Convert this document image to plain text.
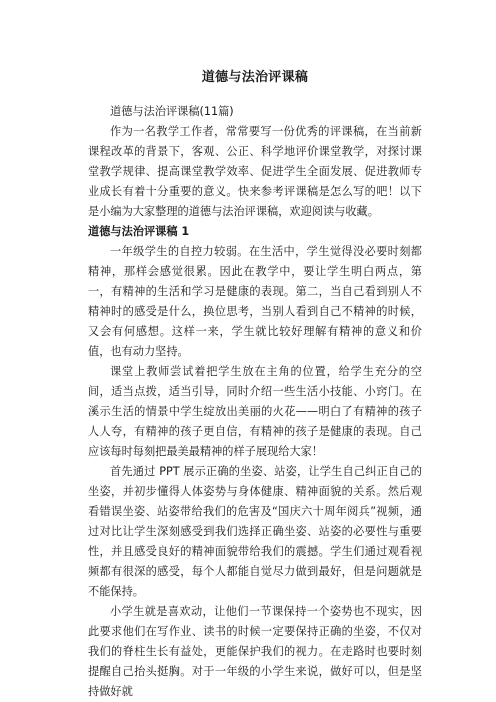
道德与法治评课稿

道德与法治评课稿(11篇)

作为一名教学工作者，常常要写一份优秀的评课稿，在当前新课程改革的背景下，客观、公正、科学地评价课堂教学，对探讨课堂教学规律、提高课堂教学效率、促进学生全面发展、促进教师专业成长有着十分重要的意义。快来参考评课稿是怎么写的吧！以下是小编为大家整理的道德与法治评课稿，欢迎阅读与收藏。

道德与法治评课稿 1

一年级学生的自控力较弱。在生活中，学生觉得没必要时刻都精神，那样会感觉很累。因此在教学中，要让学生明白两点，第一，有精神的生活和学习是健康的表现。第二，当自己看到别人不精神时的感受是什么，换位思考，当别人看到自己不精神的时候，又会有何感想。这样一来，学生就比较好理解有精神的意义和价值，也有动力坚持。

课堂上教师尝试着把学生放在主角的位置，给学生充分的空间，适当点拨，适当引导，同时介绍一些生活小技能、小窍门。在溪示生活的情景中学生绽放出美丽的火花——明白了有精神的孩子人人夸，有精神的孩子更自信，有精神的孩子是健康的表现。自己应该每时每刻把最美最精神的样子展现给大家！

首先通过 PPT 展示正确的坐姿、站姿，让学生自己纠正自己的坐姿，并初步懂得人体姿势与身体健康、精神面貌的关系。然后观看错误坐姿、站姿带给我们的危害及“国庆六十周年阅兵”视频，通过对比让学生深刻感受到我们选择正确坐姿、站姿的必要性与重要性，并且感受良好的精神面貌带给我们的震撼。学生们通过观看视频都有很深的感受，每个人都能自觉尽力做到最好，但是问题就是不能保持。

小学生就是喜欢动，让他们一节课保持一个姿势也不现实，因此要求他们在写作业、读书的时候一定要保持正确的坐姿，不仅对我们的脊柱生长有益处，更能保护我们的视力。在走路时也要时刻提醒自己抬头挺胸。对于一年级的小学生来说，做好可以，但是坚持做好就
